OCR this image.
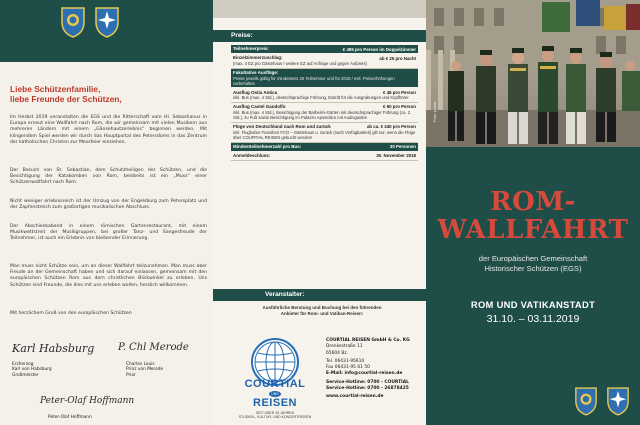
Liebe Schützenfamilie,
liebe Freunde der Schützen,

Im Herbst 2019 veranstalten die EGS und die Ritterschaft vom Hl. Sebastianus in Europa erneut eine Wallfahrt nach Rom, die wir gemeinsam mit vielen Musikern aus mehreren Ländern mit einem „Gänsehautzerlebnis“ beginnen werden. Mit klingendem Spiel werden wir durch das Hauptportal des Petersdoms in das Zentrum der katholischen Christen zur Messfeier einziehen.

Der Besuch von St. Sebastian, dem Schutzheiligen der Schützen, und die Besichtigung der Katakomben von Rom, beidseits ist ein „Muss“ einer Schützenwallfahrt nach Rom.

Nicht weniger erlebnisreich ist der Umzug von der Engelsburg zum Petersplatz und der Zapfenstreich zum großartigen musikalischen Abschluss.

Der Abschiedsabend in einem römischen Gartenrestaurant, mit einem Musikwettstreit der Musikgruppen, bei großer Tanz- und Sangesfreude der Teilnehmer, ist auch ein Erlebnis von bleibender Erinnerung.

Man muss nicht Schütze sein, um an dieser Wallfahrt teilzunehmen. Man muss aber Freude an der Gemeinschaft haben und sich darauf einlassen, gemeinsam mit den europäischen Schützen Rom aus dem christlichen Blickwinkel zu erleben. Uns Schützen sind Freunde, die dies mit uns erleben wollen, herzlich willkommen.

Mit herzlichem Gruß von den europäischen Schützen

Karl Habsburg
Erzherzog
Karl von Habsburg
Großmeister
P. Chl Merode
Charles Louis
Prinz von Merode
Prior
Peter-Olaf Hoffmann
Peter-Olaf Hoffmann
Preise:
Teilnehmerpreis:	€ 495 pro Person im Doppelzimmer
Einzelzimmerzuschlag:	ab € 25 pro Nacht
(max. 4 EZ pro Gästehaus / weitere EZ auf Anfrage und gegen Aufpreis)
Fakultative Ausflüge:
Preise jeweils gültig für mindestens 25 Teilnehmer und für 2018 / evtl. Preiserhöhungen vorbehalten
Ausflug Ostia Antica	€ 46 pro Person
inkl. Bus (max. 4 Std.), deutschsprachige Führung, Eintritt für die Ausgrabungen und Kopfhörer
Ausflug Castel Gandolfo	€ 60 pro Person
inkl. Bus (max. 4 Std.), Besichtigung der Barberini-Gärten mit deutschsprachiger Führung (ca. 2 Std.), zu Fuß sowie Besichtigung im Palazzo Apostolico mit Audioguides
Flüge von Deutschland nach Rom und zurück	ab ca. € 340 pro Person
inkl. Flughafen-Transfers FCO – Gästehaus u. zurück (nach Verfügbarkeit) gilt nur, wenn die Flüge über COURTIAL REISEN gebucht werden!
Mindestteilnehmerzahl pro Bus:	30 Personen
Anmeldeschluss:	30. November 2018
Veranstalter:
Ausführliche Beratung und Buchung bei den führenden Anbieter für Rom- und Vatikan-Reisen:
COURTIAL
UND
REISEN
SEIT ÜBER 45 JAHREN
STUDIEN-, KULTUR- UND KONZERTREISEN
COURTIAL REISEN GmbH & Co. KG
Drenkestraße 11
65604 Bz.
Tel. 06431-95610
Fax 06431-95 61 50
E-Mail: info@courtial-reisen.de
Service-Hotline: 0700 - COURTIAL
Service-Hotline: 0700 - 26878425
www.courtial-reisen.de
Foto: privat
ROM-
WALLFAHRT
der Europäischen Gemeinschaft
Historischer Schützen (EGS)
ROM UND VATIKANSTADT
31.10. – 03.11.2019
